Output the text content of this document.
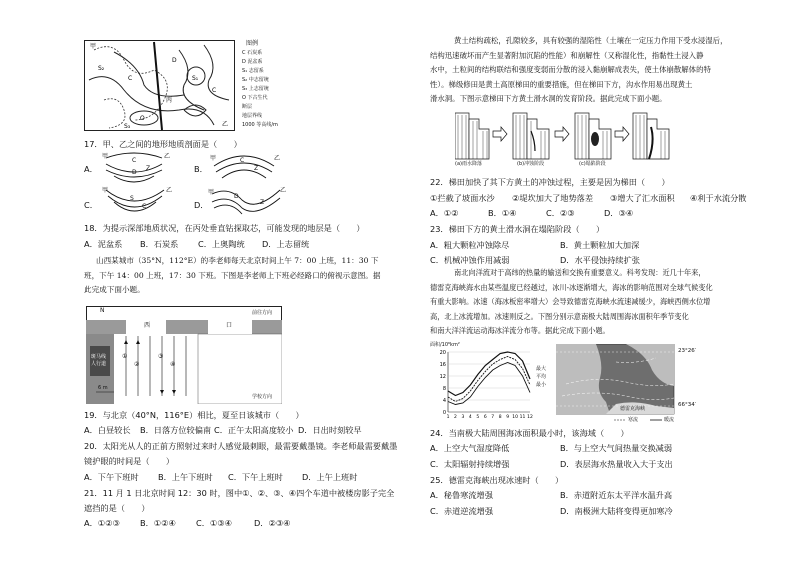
S₂
C
D
S₁
O
C
S₃
甲
乙
丙
图例
C 石炭系
D 泥盆系
S₁ 志留系
S₂ 中志留统
S₃ 上志留统
O 下古生代
断层
地层界线
1000 等高线/m
17．甲、乙之间的地形地质剖面是（　　）
A．	B．
C．	D．
甲	乙
C
D
Z
甲	乙
C
Z
甲	乙
S
C
甲	乙
D
Z
18．为提示深部地质状况，在丙处垂直钻探取芯，可能发现的地层是（　　）
A．泥盆系	B．石炭系	C．上奥陶统	D．上志留统
山西某城市（35°N，112°E）的李老师每天北京时间上午 7：00 上班，11：30 下
班，下午 14：00 上班，17：30 下班。下图是李老师上下班必经路口的俯视示意图。据
此完成下面小题。
①
②
③
④
N
西	口
前往方向
学校方向
斑马线
人行道
6 m
19．与北京（40°N，116°E）相比，夏至日该城市（　　）
A．白昼较长	B．日落方位较偏南 C．正午太阳高度较小 D．日出时刻较早
20．太阳光从人的正前方照射过来时人感觉最刺眼，最需要戴墨镜。李老师最需要戴墨
镜护眼的时间是（　　）
A．下午下班时	B．上午下班时	C．下午上班时	D．上午上班时
21．11 月 1 日北京时间 12：30 时，图中①、②、③、④四个车道中被楼房影子完全
遮挡的是（　　）
A．①②③	B．①②④	C．①③④	D．②③④
黄土结构疏松，孔隙较多，具有较强的湿陷性（土壤在一定压力作用下受水浸湿后，
结构迅速破坏而产生显著附加沉陷的性能）和崩解性（又称湿化性，指黏性土浸入静
水中，土粒间的结构联结和强度变弱而分散的浸入黏崩解成表失，使土体崩散解体的特
性）。梯级修田是黄土高原梯田的重要措施，但在梯田下方，沟水作用易出现黄土
滑水洞。下图示意梯田下方黄土滑水洞的发育阶段。据此完成下面小题。
(a)雨水降落	(b)冲蚀阶段	(c)塌陷阶段
22．梯田加快了其下方黄土的冲蚀过程，主要是因为梯田（　　）
①拦截了坡面水沙	②堤坎加大了地势落差	③增大了汇水面积	④利于水流分散
A．①②	B．①④	C．②③	D．③④
23．梯田下方的黄土滑水洞在塌陷阶段（　　）
A．粗大颗粒冲蚀除尽	B．黄土颗粒加大加深
C．机械冲蚀作用减弱	D．水平侵蚀持续扩张
南北向洋流对于高纬的热量的输送和交换有重要意义。科考发现：近几十年来，
德雷克海峡海水由某些温度已经越过，冰川-冰逐渐增大，海冰的影响范围对全球气候变化
有重大影响。冰速（海冰板密率增大）会导致德雷克海峡水流速减缓少，海峡西侧水位增
高，北上冰流增加。冰速则反之。下图分别示意南极大陆周围海冰面积年季节变化
和南大洋洋流运动海冰洋流分布等。据此完成下面小题。
20
16
12
8
4
0
1 2 3 4 5 6 7 8 9 10 11 12
面积/10⁶km²
最大
平均
最小
23°26′
66°34′
德雷克海峡
寒流	暖流
24．当南极大陆周围海冰面积最小时，该海域（　　）
A．上空大气湿度降低	B．与上空大气间热量交换减弱
C．太阳辐射持续增强	D．表层海水热量收入大于支出
25．德雷克海峡出现冰速时（　　）
A．秘鲁寒流增强	B．赤道附近东太平洋水温升高
C．赤道逆流增强	D．南极洲大陆将变得更加寒冷
